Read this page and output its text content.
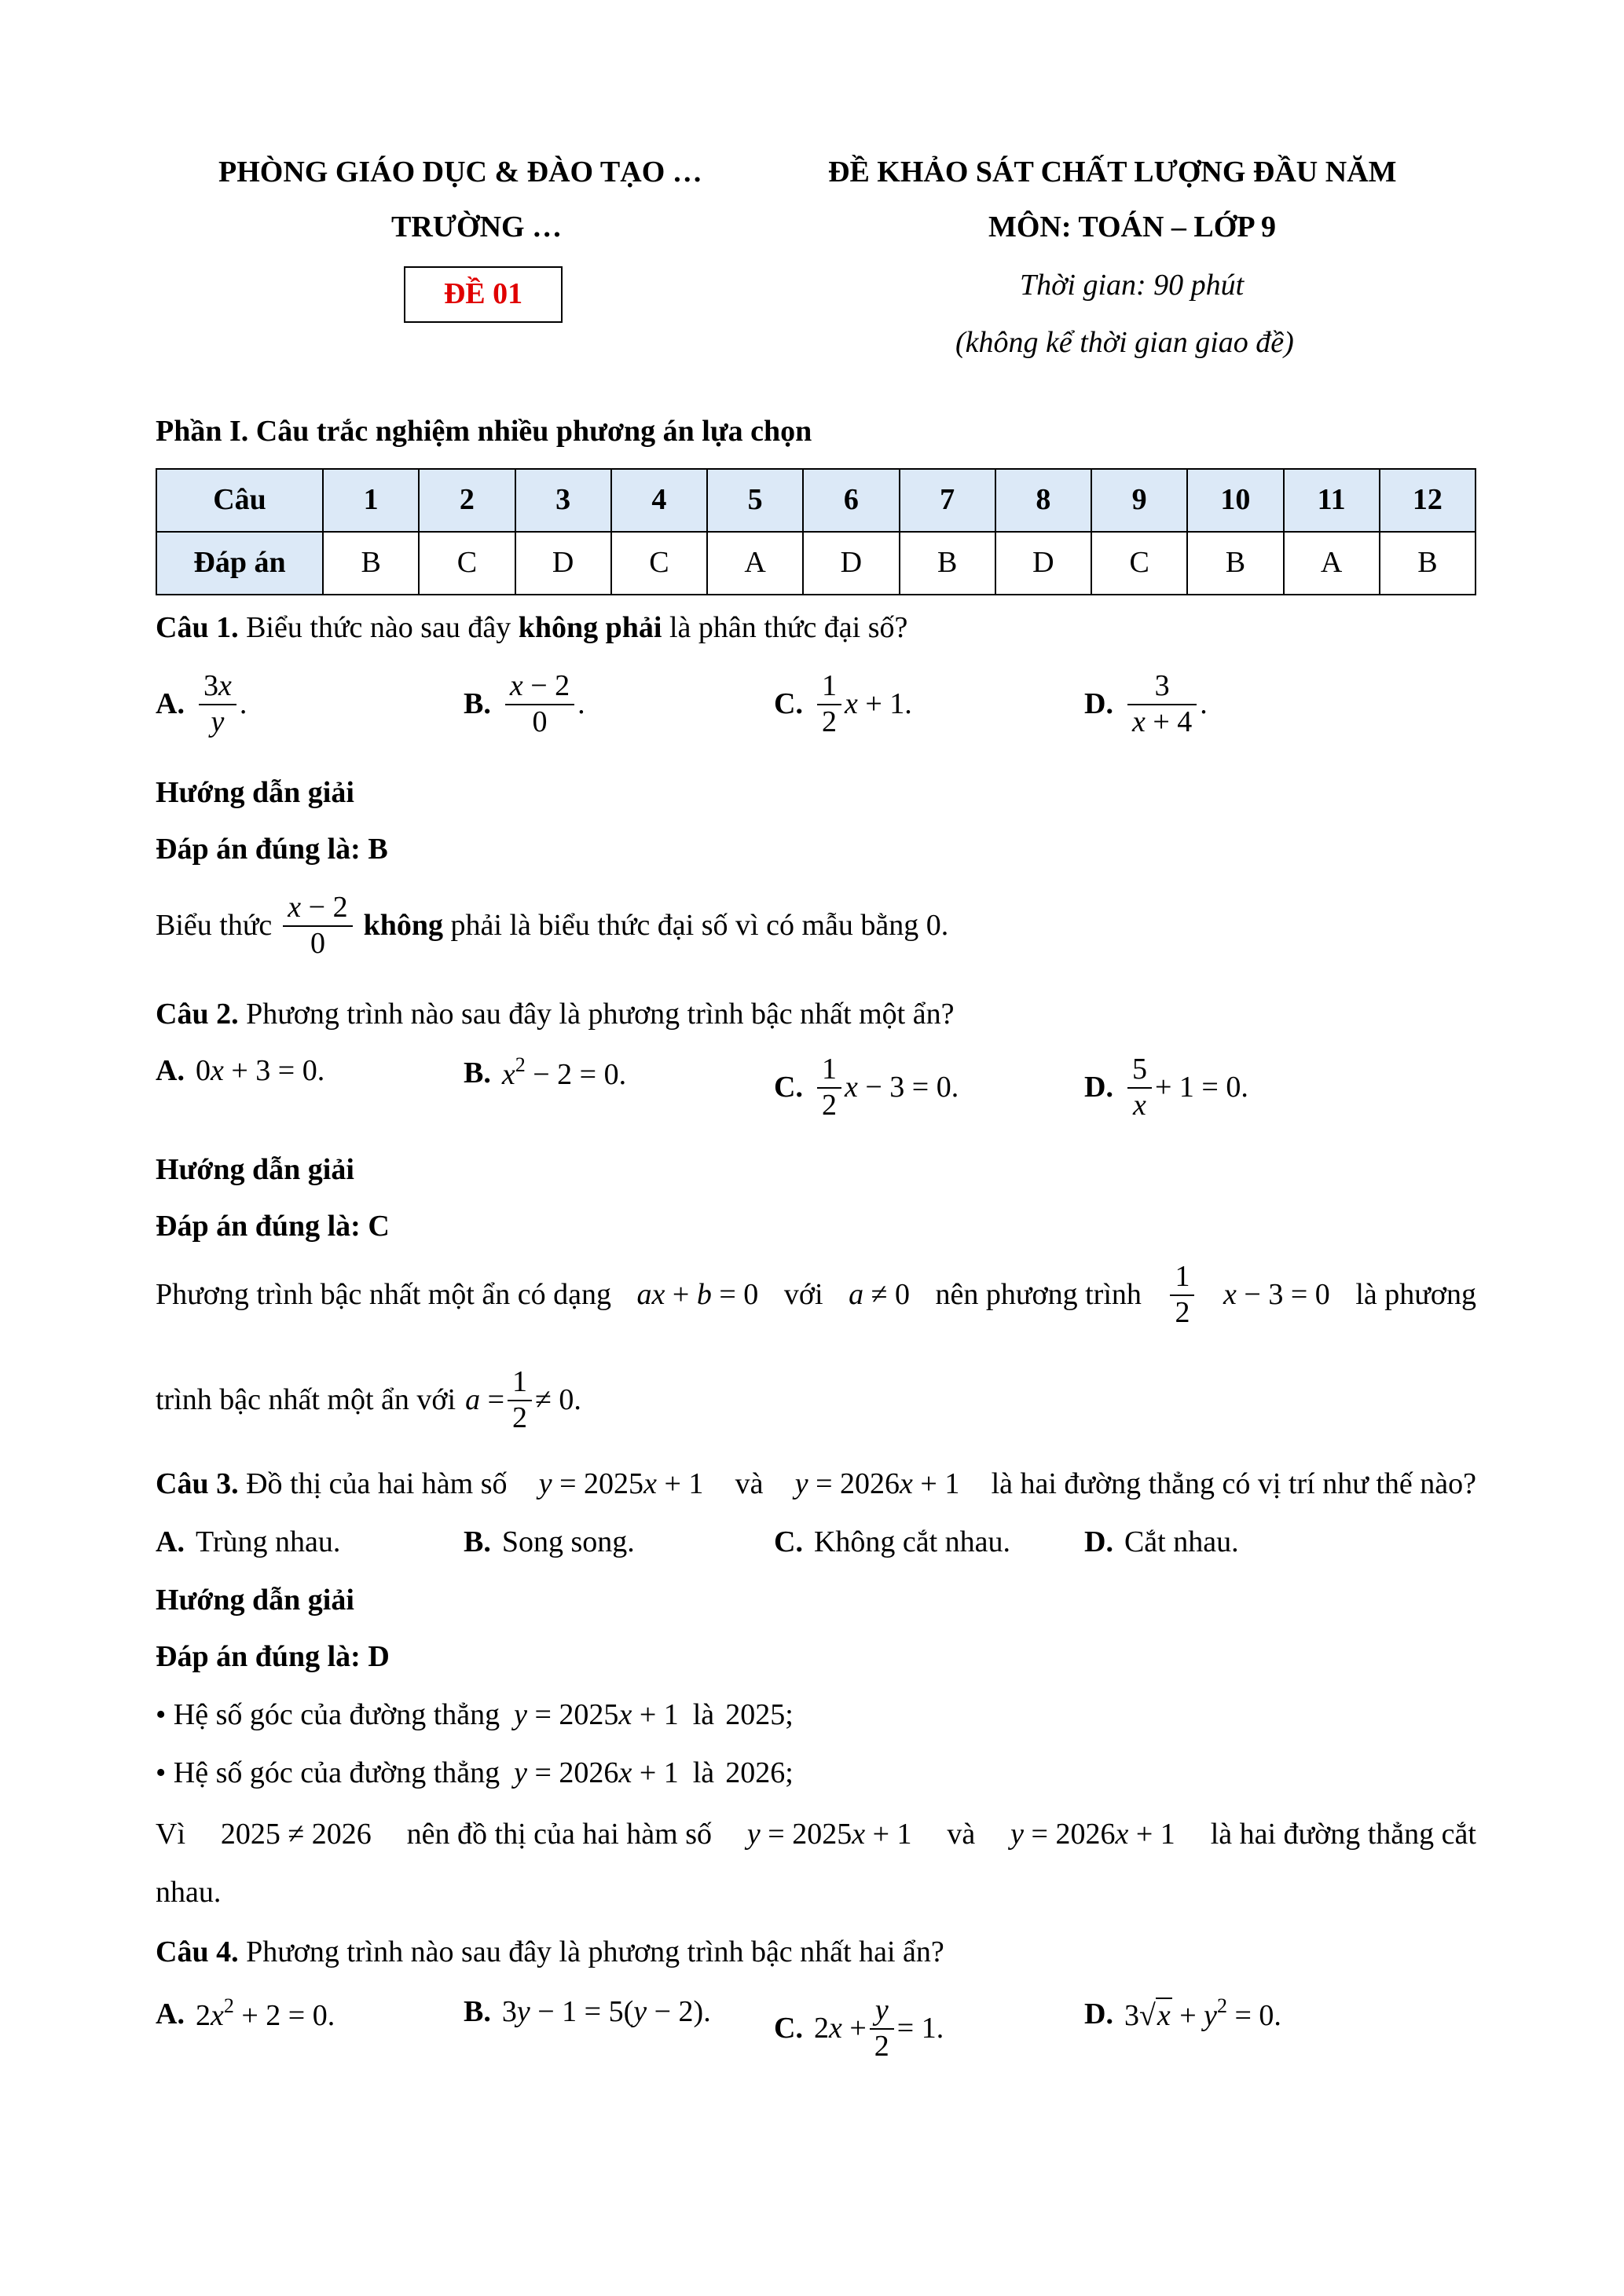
PHÒNG GIÁO DỤC & ĐÀO TẠO …
TRƯỜNG …
ĐỀ 01
ĐỀ KHẢO SÁT CHẤT LƯỢNG ĐẦU NĂM
MÔN: TOÁN – LỚP 9
Thời gian: 90 phút
(không kể thời gian giao đề)
Phần I. Câu trắc nghiệm nhiều phương án lựa chọn
Câu	1	2	3	4	5	6	7	8	9	10	11	12
Đáp án	B	C	D	C	A	D	B	D	C	B	A	B
Câu 1. Biểu thức nào sau đây không phải là phân thức đại số?
A. $\frac{3x}{y}$ .	B. $\frac{x - 2}{0}$ .	C. $\frac{1}{2}$ x + 1.	D. $\frac{3}{x + 4}$ .
Hướng dẫn giải
Đáp án đúng là: B
Biểu thức $\frac{x - 2}{0}$ không phải là biểu thức đại số vì có mẫu bằng 0.
Câu 2. Phương trình nào sau đây là phương trình bậc nhất một ẩn?
A. 0x + 3 = 0.	B. $x^2 - 2 = 0$.	C. $\frac{1}{2}$ x − 3 = 0.	D. $\frac{5}{x} + 1 = 0$.
Hướng dẫn giải
Đáp án đúng là: C
Phương trình bậc nhất một ẩn có dạng ax + b = 0 với a ≠ 0 nên phương trình $\frac{1}{2}$ x − 3 = 0 là phương
trình bậc nhất một ẩn với $a = \frac{1}{2} \ne 0$.
Câu 3. Đồ thị của hai hàm số y = 2025x + 1 và y = 2026x + 1 là hai đường thẳng có vị trí như thế nào?
A. Trùng nhau.	B. Song song.	C. Không cắt nhau. D. Cắt nhau.
Hướng dẫn giải
Đáp án đúng là: D
• Hệ số góc của đường thẳng y = 2025x + 1 là 2025;
• Hệ số góc của đường thẳng y = 2026x + 1 là 2026;
Vì 2025 ≠ 2026 nên đồ thị của hai hàm số y = 2025x + 1 và y = 2026x + 1 là hai đường thẳng cắt
nhau.
Câu 4. Phương trình nào sau đây là phương trình bậc nhất hai ẩn?
A. $2x^2 + 2 = 0$.	B. 3y − 1 = 5(y − 2). C. $2x + \frac{y}{2} = 1$.	D. $3√x + y^2 = 0$.
